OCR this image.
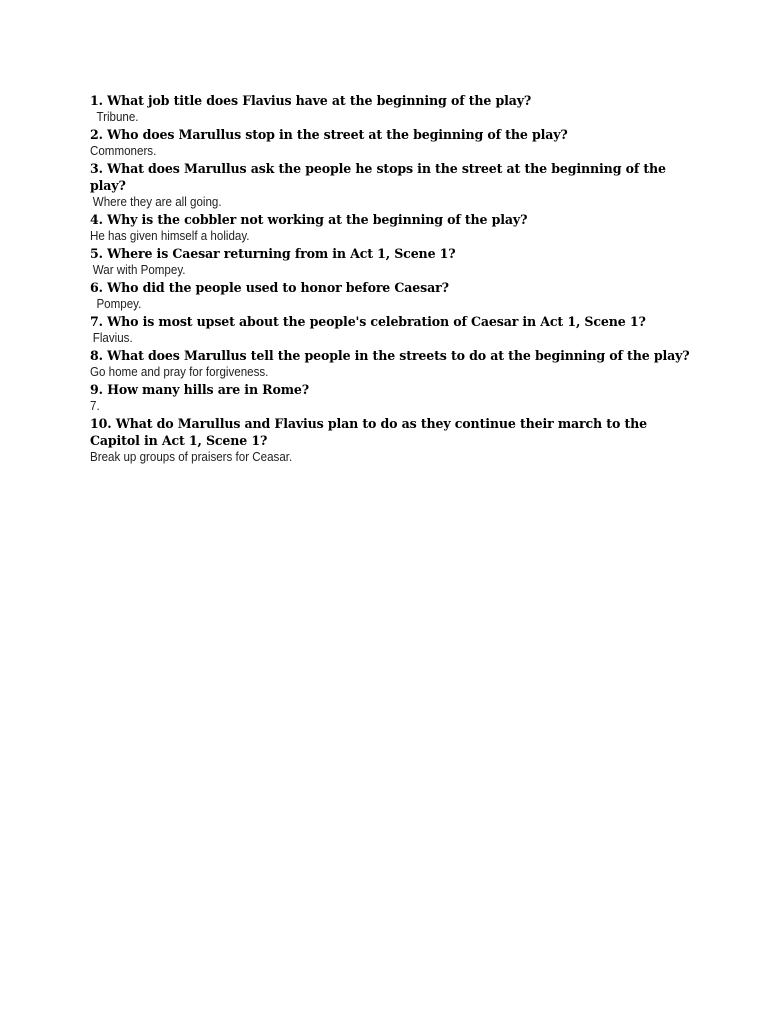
1. What job title does Flavius have at the beginning of the play?

Tribune.

2. Who does Marullus stop in the street at the beginning of the play?

Commoners.

3. What does Marullus ask the people he stops in the street at the beginning of the play?

Where they are all going.

4. Why is the cobbler not working at the beginning of the play?

He has given himself a holiday.

5. Where is Caesar returning from in Act 1, Scene 1?

War with Pompey.

6. Who did the people used to honor before Caesar?

Pompey.

7. Who is most upset about the people's celebration of Caesar in Act 1, Scene 1?

Flavius.

8. What does Marullus tell the people in the streets to do at the beginning of the play?

Go home and pray for forgiveness.

9. How many hills are in Rome?

7.

10. What do Marullus and Flavius plan to do as they continue their march to the Capitol in Act 1, Scene 1?

Break up groups of praisers for Ceasar.
